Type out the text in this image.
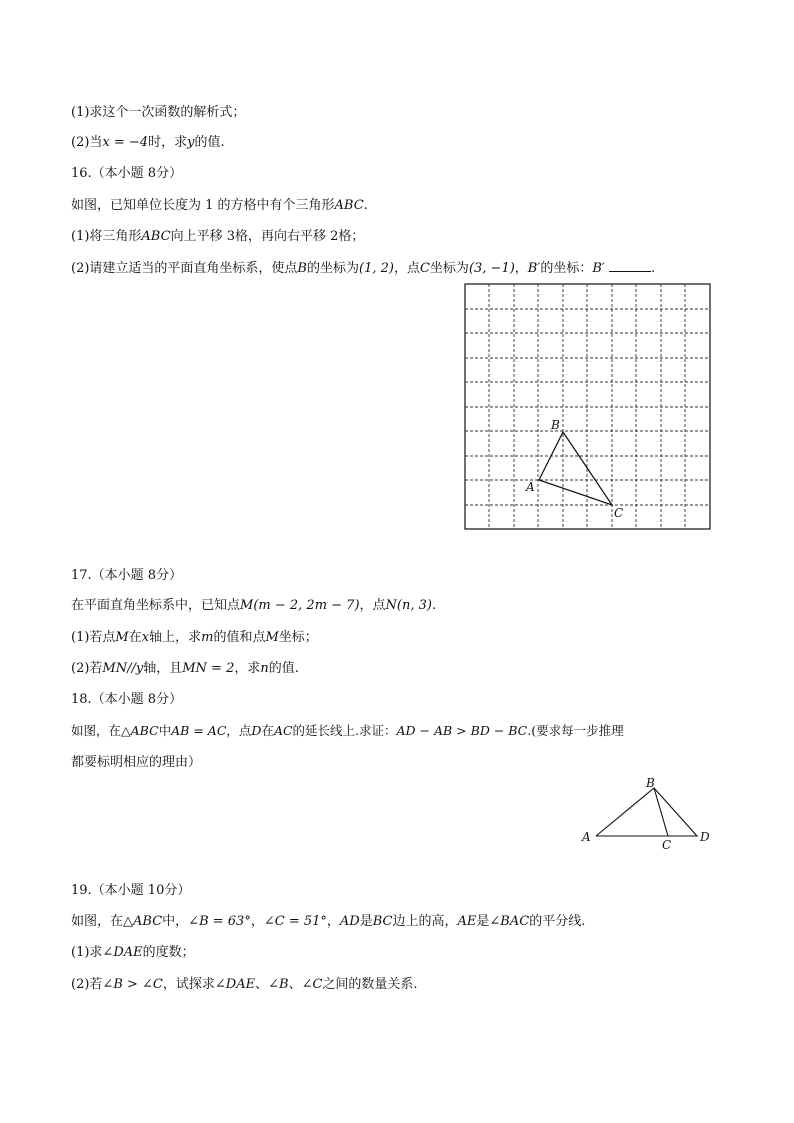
(1)求这个一次函数的解析式；
(2)当x = −4时，求y的值.
16.（本小题 8分）
如图，已知单位长度为 1 的方格中有个三角形ABC.
(1)将三角形ABC向上平移 3格，再向右平移 2格；
(2)请建立适当的平面直角坐标系，使点B的坐标为(1, 2)，点C坐标为(3, −1)，B′的坐标：B′	.
A
B
C
17.（本小题 8分）
在平面直角坐标系中，已知点M(m − 2, 2m − 7)，点N(n, 3).
(1)若点M在x轴上，求m的值和点M坐标；
(2)若MN//y轴，且MN = 2，求n的值.
18.（本小题 8分）
如图，在△ABC中AB = AC，点D在AC的延长线上.求证：AD − AB > BD − BC.(要求每一步推理
都要标明相应的理由）
A
B
C
D
19.（本小题 10分）
如图，在△ABC中，∠B = 63°，∠C = 51°，AD是BC边上的高，AE是∠BAC的平分线.
(1)求∠DAE的度数；
(2)若∠B > ∠C，试探求∠DAE、∠B、∠C之间的数量关系.
